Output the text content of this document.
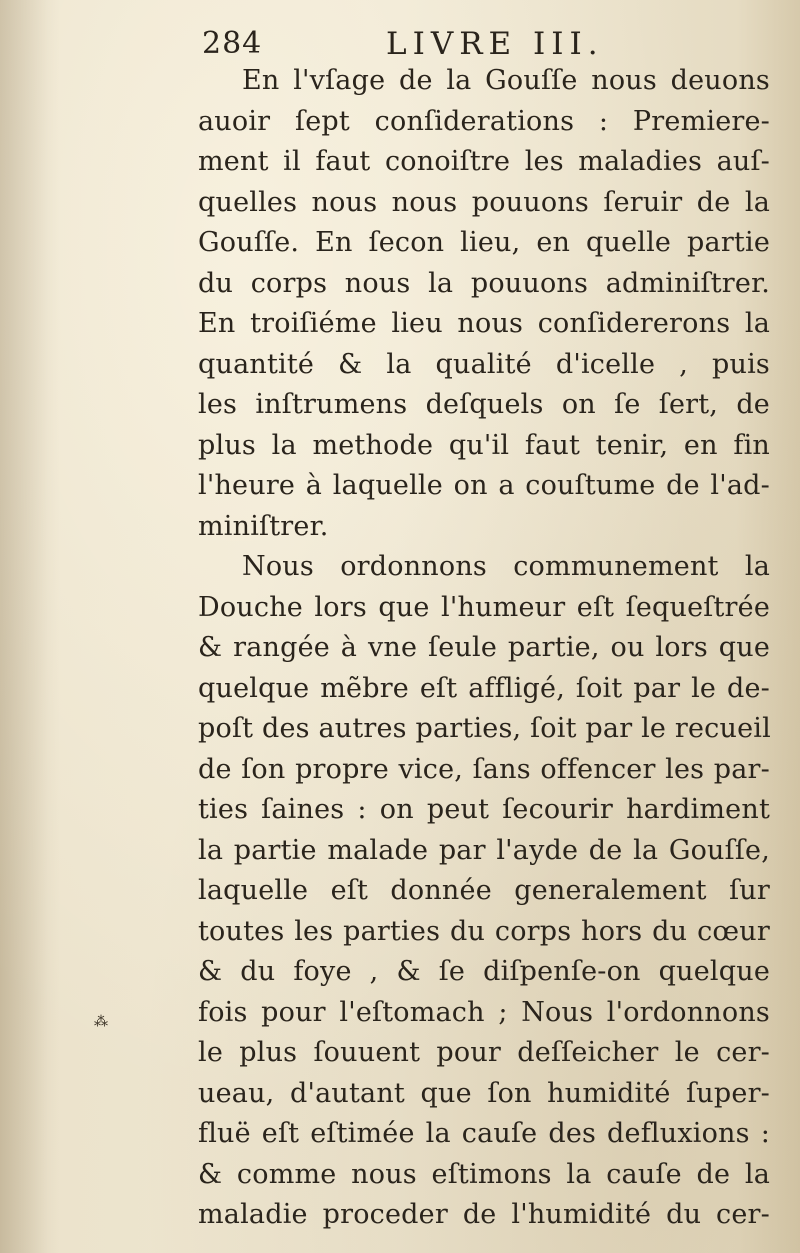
284	LIVRE III.
En l'vſage de la Gouſſe nous deuons
auoir ſept conſiderations : Premiere-
ment il faut conoiſtre les maladies auſ-
quelles nous nous pouuons ſeruir de la
Gouſſe. En ſecon lieu, en quelle partie
du corps nous la pouuons adminiſtrer.
En troiſiéme lieu nous conſidererons la
quantité & la qualité d'icelle , puis
les inſtrumens deſquels on ſe ſert, de
plus la methode qu'il faut tenir, en fin
l'heure à laquelle on a couſtume de l'ad-
miniſtrer.
Nous ordonnons communement la
Douche lors que l'humeur eſt ſequeſtrée
& rangée à vne ſeule partie, ou lors que
quelque mẽbre eſt affligé, ſoit par le de-
poſt des autres parties, ſoit par le recueil
de ſon propre vice, ſans offencer les par-
ties ſaines : on peut ſecourir hardiment
la partie malade par l'ayde de la Gouſſe,
laquelle eſt donnée generalement ſur
toutes les parties du corps hors du cœur
& du foye , & ſe diſpenſe-on quelque
fois pour l'eſtomach ; Nous l'ordonnons
le plus ſouuent pour deſſeicher le cer-
ueau, d'autant que ſon humidité ſuper-
fluë eſt eſtimée la cauſe des defluxions :
& comme nous eſtimons la cauſe de la
maladie proceder de l'humidité du cer-
⁂
